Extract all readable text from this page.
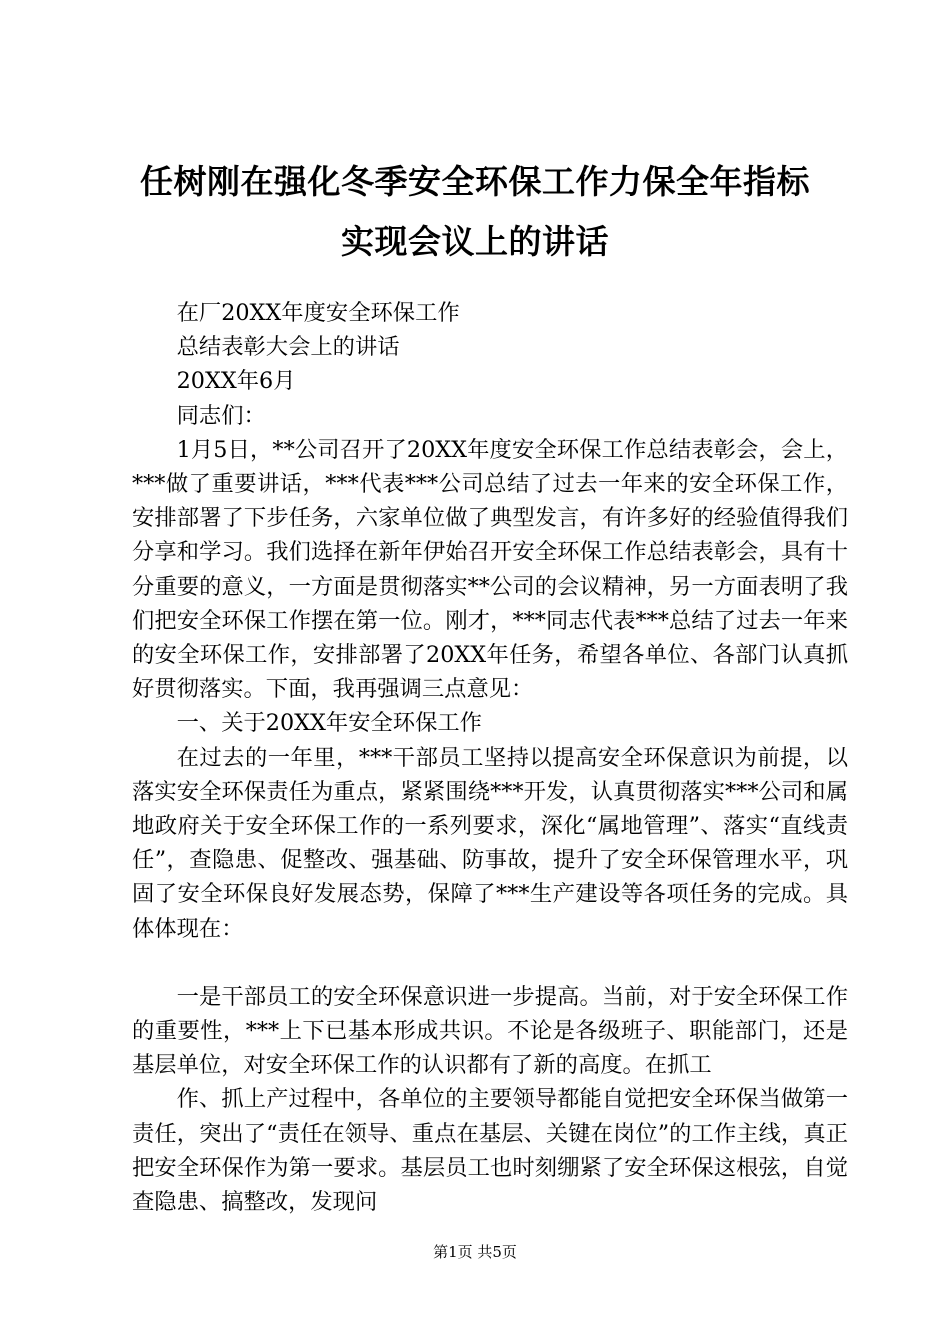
任树刚在强化冬季安全环保工作力保全年指标
实现会议上的讲话

在厂20XX年度安全环保工作

总结表彰大会上的讲话

20XX年6月

同志们：

1月5日，**公司召开了20XX年度安全环保工作总结表彰会，会上，***做了重要讲话，***代表***公司总结了过去一年来的安全环保工作，安排部署了下步任务，六家单位做了典型发言，有许多好的经验值得我们分享和学习。我们选择在新年伊始召开安全环保工作总结表彰会，具有十分重要的意义，一方面是贯彻落实**公司的会议精神，另一方面表明了我们把安全环保工作摆在第一位。刚才，***同志代表***总结了过去一年来的安全环保工作，安排部署了20XX年任务，希望各单位、各部门认真抓好贯彻落实。下面，我再强调三点意见：

一、关于20XX年安全环保工作

在过去的一年里，***干部员工坚持以提高安全环保意识为前提，以落实安全环保责任为重点，紧紧围绕***开发，认真贯彻落实***公司和属地政府关于安全环保工作的一系列要求，深化“属地管理”、落实“直线责任”，查隐患、促整改、强基础、防事故，提升了安全环保管理水平，巩固了安全环保良好发展态势，保障了***生产建设等各项任务的完成。具体体现在：

一是干部员工的安全环保意识进一步提高。当前，对于安全环保工作的重要性，***上下已基本形成共识。不论是各级班子、职能部门，还是基层单位，对安全环保工作的认识都有了新的高度。在抓工

作、抓上产过程中，各单位的主要领导都能自觉把安全环保当做第一责任，突出了“责任在领导、重点在基层、关键在岗位”的工作主线，真正把安全环保作为第一要求。基层员工也时刻绷紧了安全环保这根弦，自觉查隐患、搞整改，发现问

第1页 共5页
